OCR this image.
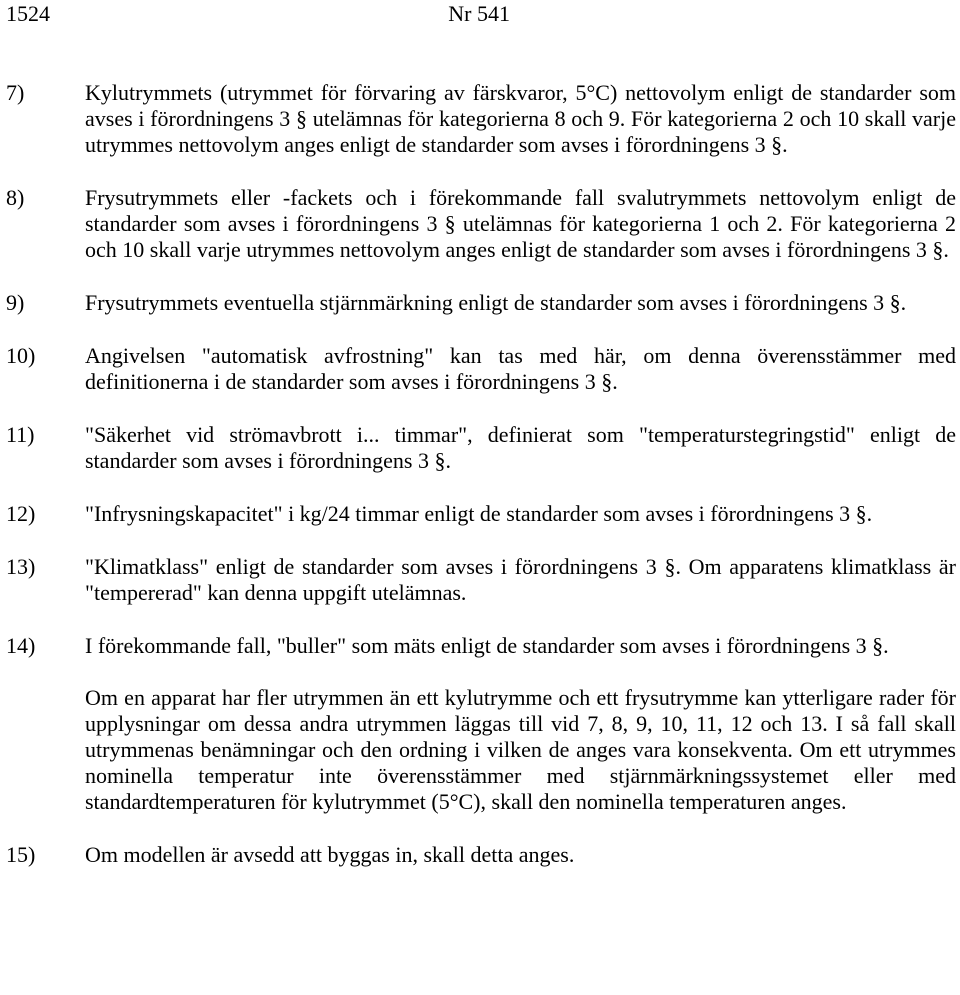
1524	Nr 541
7)	Kylutrymmets (utrymmet för förvaring av färskvaror, 5°C) nettovolym enligt de standarder som avses i förordningens 3 § utelämnas för kategorierna 8 och 9. För kategorierna 2 och 10 skall varje utrymmes nettovolym anges enligt de standarder som avses i förordningens 3 §.
8)	Frysutrymmets eller -fackets och i förekommande fall svalutrymmets nettovolym enligt de standarder som avses i förordningens 3 § utelämnas för kategorierna 1 och 2. För kategorierna 2 och 10 skall varje utrymmes nettovolym anges enligt de standarder som avses i förordningens 3 §.
9)	Frysutrymmets eventuella stjärnmärkning enligt de standarder som avses i förordningens 3 §.
10) Angivelsen "automatisk avfrostning" kan tas med här, om denna överensstämmer med definitionerna i de standarder som avses i förordningens 3 §.
11) "Säkerhet vid strömavbrott i... timmar", definierat som "temperaturstegringstid" enligt de standarder som avses i förordningens 3 §.
12) "Infrysningskapacitet" i kg/24 timmar enligt de standarder som avses i förordningens 3 §.
13) "Klimatklass" enligt de standarder som avses i förordningens 3 §. Om apparatens klimatklass är "tempererad" kan denna uppgift utelämnas.
14) I förekommande fall, "buller" som mäts enligt de standarder som avses i förordningens 3 §.
Om en apparat har fler utrymmen än ett kylutrymme och ett frysutrymme kan ytterligare rader för upplysningar om dessa andra utrymmen läggas till vid 7, 8, 9, 10, 11, 12 och 13. I så fall skall utrymmenas benämningar och den ordning i vilken de anges vara konsekventa. Om ett utrymmes nominella temperatur inte överensstämmer med stjärnmärkningssystemet eller med standardtemperaturen för kylutrymmet (5°C), skall den nominella temperaturen anges.
15) Om modellen är avsedd att byggas in, skall detta anges.
